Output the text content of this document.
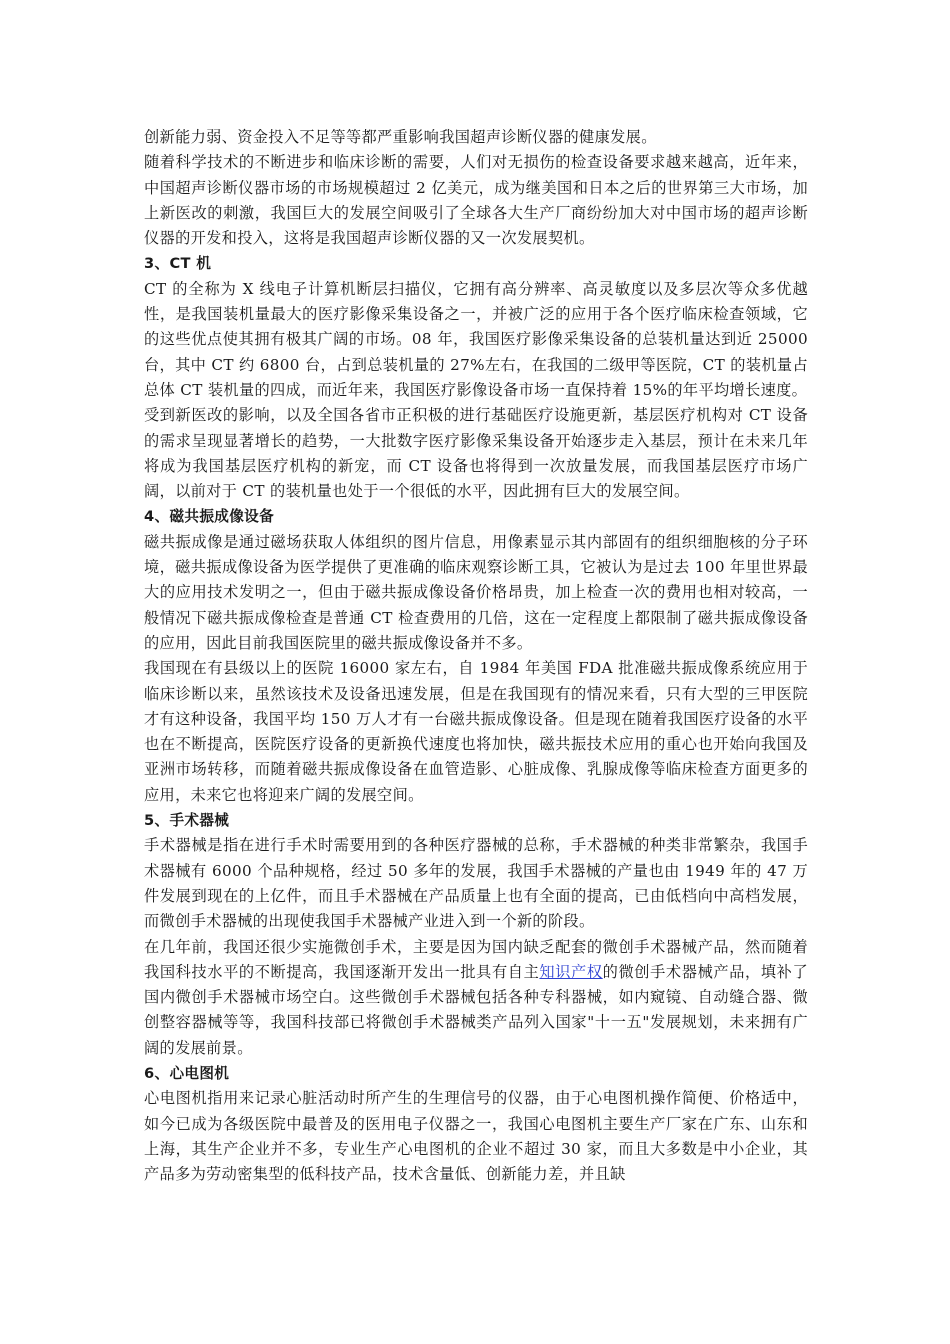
创新能力弱、资金投入不足等等都严重影响我国超声诊断仪器的健康发展。

随着科学技术的不断进步和临床诊断的需要，人们对无损伤的检查设备要求越来越高，近年来，中国超声诊断仪器市场的市场规模超过 2 亿美元，成为继美国和日本之后的世界第三大市场，加上新医改的刺激，我国巨大的发展空间吸引了全球各大生产厂商纷纷加大对中国市场的超声诊断仪器的开发和投入，这将是我国超声诊断仪器的又一次发展契机。

3、CT 机

CT 的全称为 X 线电子计算机断层扫描仪，它拥有高分辨率、高灵敏度以及多层次等众多优越性，是我国装机量最大的医疗影像采集设备之一，并被广泛的应用于各个医疗临床检查领域，它的这些优点使其拥有极其广阔的市场。08 年，我国医疗影像采集设备的总装机量达到近 25000 台，其中 CT 约 6800 台，占到总装机量的 27%左右，在我国的二级甲等医院，CT 的装机量占总体 CT 装机量的四成，而近年来，我国医疗影像设备市场一直保持着 15%的年平均增长速度。

受到新医改的影响，以及全国各省市正积极的进行基础医疗设施更新，基层医疗机构对 CT 设备的需求呈现显著增长的趋势，一大批数字医疗影像采集设备开始逐步走入基层，预计在未来几年将成为我国基层医疗机构的新宠，而 CT 设备也将得到一次放量发展，而我国基层医疗市场广阔，以前对于 CT 的装机量也处于一个很低的水平，因此拥有巨大的发展空间。

4、磁共振成像设备

磁共振成像是通过磁场获取人体组织的图片信息，用像素显示其内部固有的组织细胞核的分子环境，磁共振成像设备为医学提供了更准确的临床观察诊断工具，它被认为是过去 100 年里世界最大的应用技术发明之一，但由于磁共振成像设备价格昂贵，加上检查一次的费用也相对较高，一般情况下磁共振成像检查是普通 CT 检查费用的几倍，这在一定程度上都限制了磁共振成像设备的应用，因此目前我国医院里的磁共振成像设备并不多。

我国现在有县级以上的医院 16000 家左右，自 1984 年美国 FDA 批准磁共振成像系统应用于临床诊断以来，虽然该技术及设备迅速发展，但是在我国现有的情况来看，只有大型的三甲医院才有这种设备，我国平均 150 万人才有一台磁共振成像设备。但是现在随着我国医疗设备的水平也在不断提高，医院医疗设备的更新换代速度也将加快，磁共振技术应用的重心也开始向我国及亚洲市场转移，而随着磁共振成像设备在血管造影、心脏成像、乳腺成像等临床检查方面更多的应用，未来它也将迎来广阔的发展空间。

5、手术器械

手术器械是指在进行手术时需要用到的各种医疗器械的总称，手术器械的种类非常繁杂，我国手术器械有 6000 个品种规格，经过 50 多年的发展，我国手术器械的产量也由 1949 年的 47 万件发展到现在的上亿件，而且手术器械在产品质量上也有全面的提高，已由低档向中高档发展，而微创手术器械的出现使我国手术器械产业进入到一个新的阶段。

在几年前，我国还很少实施微创手术，主要是因为国内缺乏配套的微创手术器械产品，然而随着我国科技水平的不断提高，我国逐渐开发出一批具有自主知识产权的微创手术器械产品，填补了国内微创手术器械市场空白。这些微创手术器械包括各种专科器械，如内窥镜、自动缝合器、微创整容器械等等，我国科技部已将微创手术器械类产品列入国家"十一五"发展规划，未来拥有广阔的发展前景。

6、心电图机

心电图机指用来记录心脏活动时所产生的生理信号的仪器，由于心电图机操作简便、价格适中，如今已成为各级医院中最普及的医用电子仪器之一，我国心电图机主要生产厂家在广东、山东和上海，其生产企业并不多，专业生产心电图机的企业不超过 30 家，而且大多数是中小企业，其产品多为劳动密集型的低科技产品，技术含量低、创新能力差，并且缺
